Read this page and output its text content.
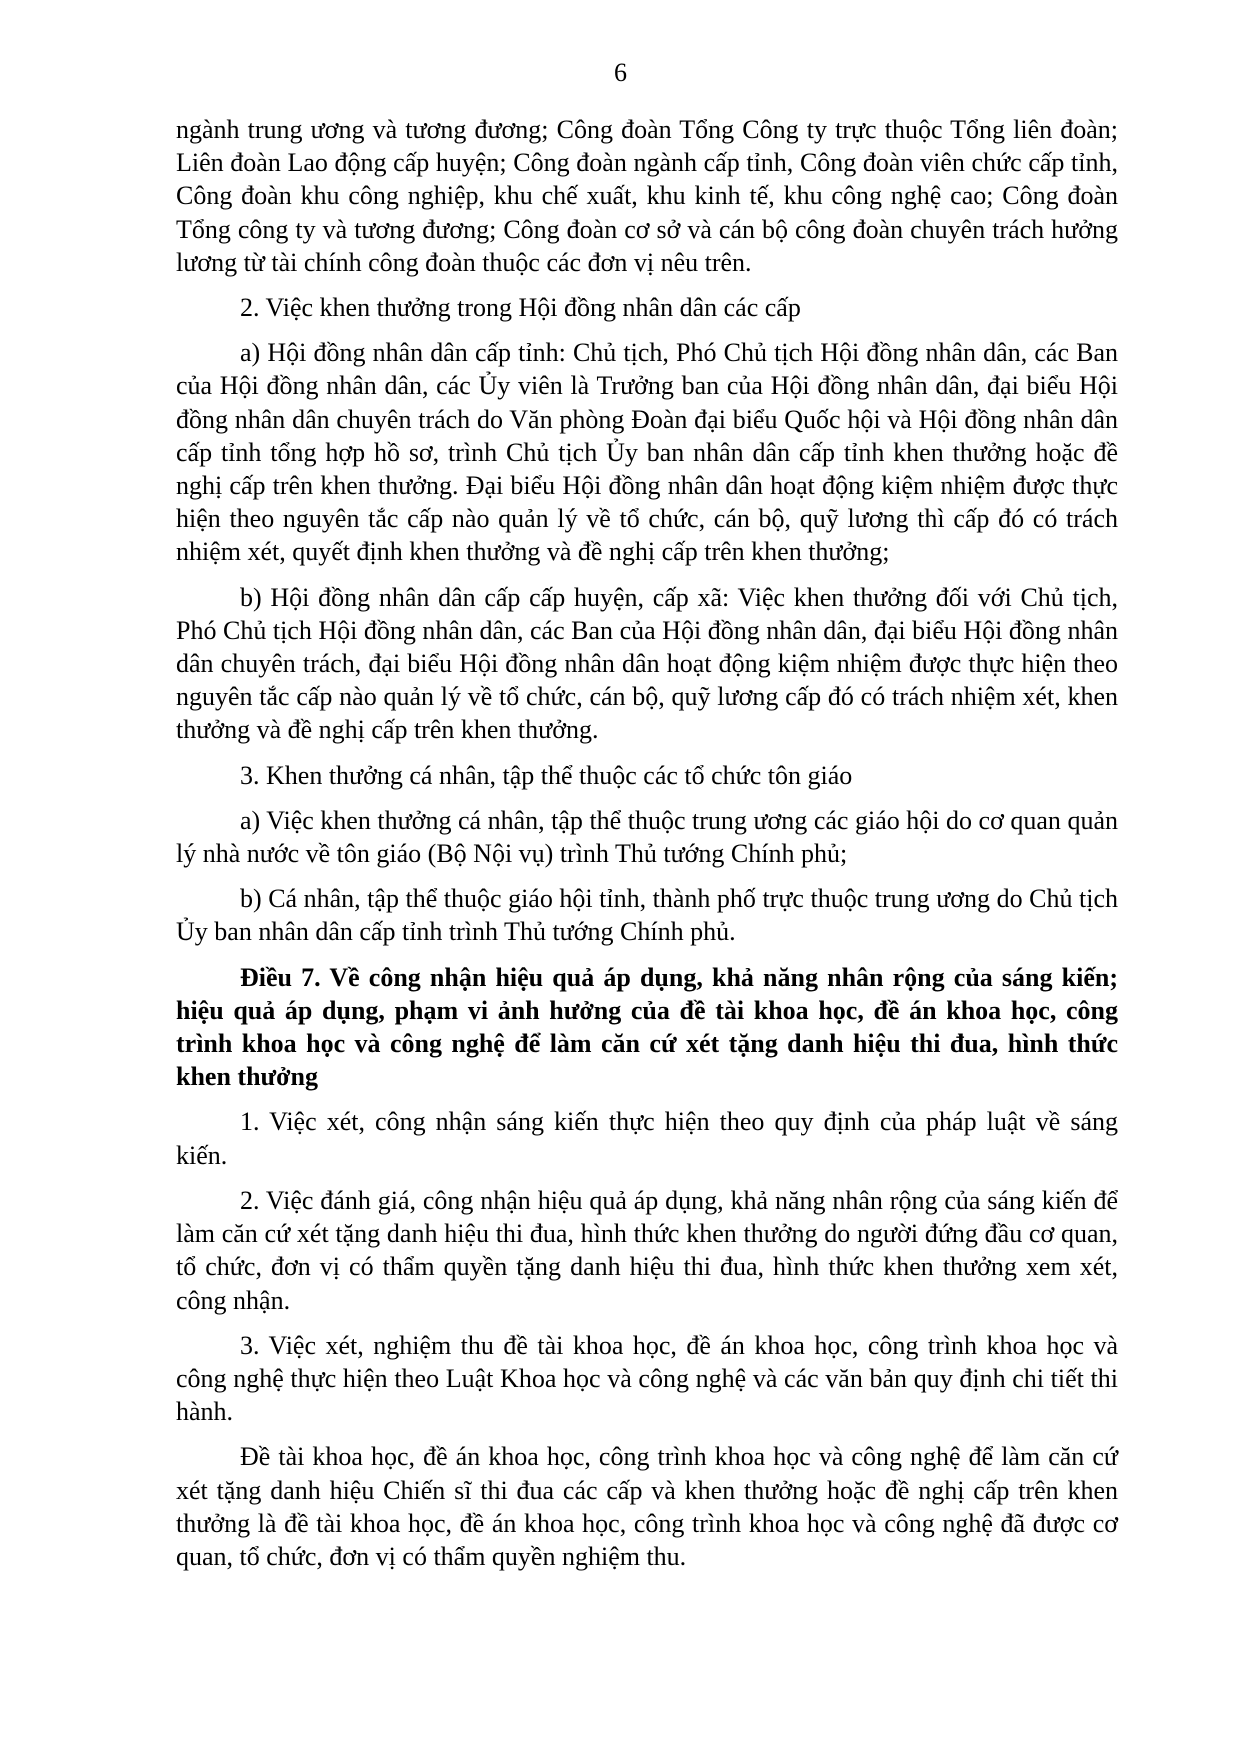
6

ngành trung ương và tương đương; Công đoàn Tổng Công ty trực thuộc Tổng liên đoàn; Liên đoàn Lao động cấp huyện; Công đoàn ngành cấp tỉnh, Công đoàn viên chức cấp tỉnh, Công đoàn khu công nghiệp, khu chế xuất, khu kinh tế, khu công nghệ cao; Công đoàn Tổng công ty và tương đương; Công đoàn cơ sở và cán bộ công đoàn chuyên trách hưởng lương từ tài chính công đoàn thuộc các đơn vị nêu trên.

2. Việc khen thưởng trong Hội đồng nhân dân các cấp

a) Hội đồng nhân dân cấp tỉnh: Chủ tịch, Phó Chủ tịch Hội đồng nhân dân, các Ban của Hội đồng nhân dân, các Ủy viên là Trưởng ban của Hội đồng nhân dân, đại biểu Hội đồng nhân dân chuyên trách do Văn phòng Đoàn đại biểu Quốc hội và Hội đồng nhân dân cấp tỉnh tổng hợp hồ sơ, trình Chủ tịch Ủy ban nhân dân cấp tỉnh khen thưởng hoặc đề nghị cấp trên khen thưởng. Đại biểu Hội đồng nhân dân hoạt động kiệm nhiệm được thực hiện theo nguyên tắc cấp nào quản lý về tổ chức, cán bộ, quỹ lương thì cấp đó có trách nhiệm xét, quyết định khen thưởng và đề nghị cấp trên khen thưởng;

b) Hội đồng nhân dân cấp cấp huyện, cấp xã: Việc khen thưởng đối với Chủ tịch, Phó Chủ tịch Hội đồng nhân dân, các Ban của Hội đồng nhân dân, đại biểu Hội đồng nhân dân chuyên trách, đại biểu Hội đồng nhân dân hoạt động kiệm nhiệm được thực hiện theo nguyên tắc cấp nào quản lý về tổ chức, cán bộ, quỹ lương cấp đó có trách nhiệm xét, khen thưởng và đề nghị cấp trên khen thưởng.

3. Khen thưởng cá nhân, tập thể thuộc các tổ chức tôn giáo

a) Việc khen thưởng cá nhân, tập thể thuộc trung ương các giáo hội do cơ quan quản lý nhà nước về tôn giáo (Bộ Nội vụ) trình Thủ tướng Chính phủ;

b) Cá nhân, tập thể thuộc giáo hội tỉnh, thành phố trực thuộc trung ương do Chủ tịch Ủy ban nhân dân cấp tỉnh trình Thủ tướng Chính phủ.

Điều 7. Về công nhận hiệu quả áp dụng, khả năng nhân rộng của sáng kiến; hiệu quả áp dụng, phạm vi ảnh hưởng của đề tài khoa học, đề án khoa học, công trình khoa học và công nghệ để làm căn cứ xét tặng danh hiệu thi đua, hình thức khen thưởng

1. Việc xét, công nhận sáng kiến thực hiện theo quy định của pháp luật về sáng kiến.

2. Việc đánh giá, công nhận hiệu quả áp dụng, khả năng nhân rộng của sáng kiến để làm căn cứ xét tặng danh hiệu thi đua, hình thức khen thưởng do người đứng đầu cơ quan, tổ chức, đơn vị có thẩm quyền tặng danh hiệu thi đua, hình thức khen thưởng xem xét, công nhận.

3. Việc xét, nghiệm thu đề tài khoa học, đề án khoa học, công trình khoa học và công nghệ thực hiện theo Luật Khoa học và công nghệ và các văn bản quy định chi tiết thi hành.

Đề tài khoa học, đề án khoa học, công trình khoa học và công nghệ để làm căn cứ xét tặng danh hiệu Chiến sĩ thi đua các cấp và khen thưởng hoặc đề nghị cấp trên khen thưởng là đề tài khoa học, đề án khoa học, công trình khoa học và công nghệ đã được cơ quan, tổ chức, đơn vị có thẩm quyền nghiệm thu.
